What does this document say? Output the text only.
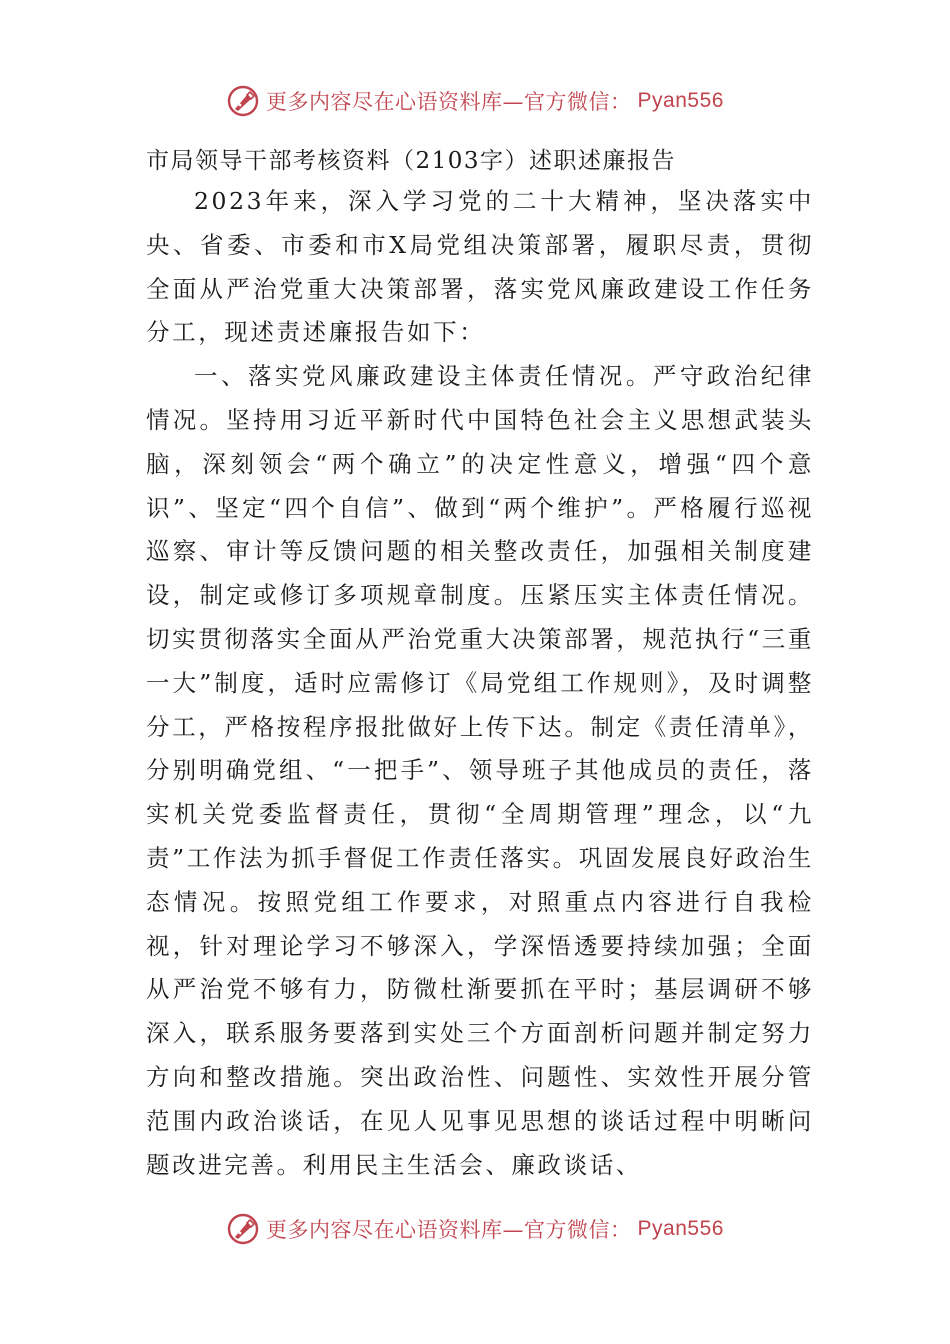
更多内容尽在心语资料库—官方微信： Pyan556
市局领导干部考核资料（2103字）述职述廉报告

2023年来，深入学习党的二十大精神，坚决落实中央、省委、市委和市X局党组决策部署，履职尽责，贯彻全面从严治党重大决策部署，落实党风廉政建设工作任务分工，现述责述廉报告如下：

一、落实党风廉政建设主体责任情况。严守政治纪律情况。坚持用习近平新时代中国特色社会主义思想武装头脑，深刻领会“两个确立”的决定性意义，增强“四个意识”、坚定“四个自信”、做到“两个维护”。严格履行巡视巡察、审计等反馈问题的相关整改责任，加强相关制度建设，制定或修订多项规章制度。压紧压实主体责任情况。切实贯彻落实全面从严治党重大决策部署，规范执行“三重一大”制度，适时应需修订《局党组工作规则》，及时调整分工，严格按程序报批做好上传下达。制定《责任清单》，分别明确党组、“一把手”、领导班子其他成员的责任，落实机关党委监督责任，贯彻“全周期管理”理念，以“九责”工作法为抓手督促工作责任落实。巩固发展良好政治生态情况。按照党组工作要求，对照重点内容进行自我检视，针对理论学习不够深入，学深悟透要持续加强；全面从严治党不够有力，防微杜渐要抓在平时；基层调研不够深入，联系服务要落到实处三个方面剖析问题并制定努力方向和整改措施。突出政治性、问题性、实效性开展分管范围内政治谈话，在见人见事见思想的谈话过程中明晰问题改进完善。利用民主生活会、廉政谈话、

更多内容尽在心语资料库—官方微信： Pyan556
